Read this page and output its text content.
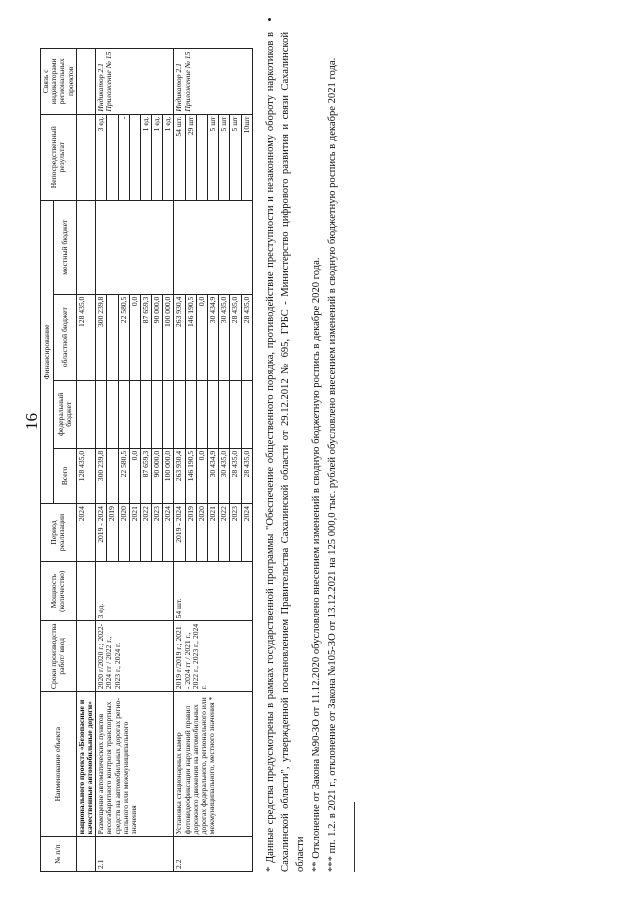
16
№ п/п	Наименование объекта	Сроки производства работ/ ввод	Мощность (количество)	Период реализации	Финансирование				Непосредственный результат	Связь с индикаторами региональных проектов
					Всего	федеральный бюджет	областной бюджет	местный бюджет		
	национального проекта «Безопасные и качественные автомобильные дороги»			2024	128 435,0		128 435,0			
2.1	Размещение автоматических пунктов весогабаритного контроля транспортных средств на автомобильных дорогах регио-нального или межмуниципального значения	2020 г/2020 г.; 2022-2024 гг / 2022 г., 2023 г., 2024 г.	3 ед.	2019 - 2024	300 239,8		300 239,8		3 ед.	Индикатор 2.1 Приложение № 15
				2019						
				2020	22 580,5		22 580,5		-	
				2021	0,0		0,0			
				2022	87 659,3		87 659,3		1 ед.	
				2023	90 000,0		90 000,0		1 ед.	
				2024	100 000,0		100 000,0		1 ед.	
2.2	Установка стационарных камер фотовидеофиксации нарушений правил дорожного движения на автомобильных дорогах федерального, регионального или межмуниципального, местного значения *	2019 г/2019 г.; 2021 - 2024 гг / 2021 г., 2022 г., 2023 г., 2024 г.	54 шт.	2019 - 2024	263 930,4		263 930,4		54 шт.	Индикатор 2.1 Приложение № 15
				2019	146 190,5		146 190,5		29 шт	
				2020	0,0		0,0			
				2021	30 434,9		30 434,9		5 шт	
				2022	30 435,0		30 435,0		5 шт	
				2023	28 435,0		28 435,0		5 шт	
				2024	28 435,0		28 435,0		10шт	* Данные средства предусмотрены в рамках государственной программы "Обеспечение общественного порядка, противодействие преступности и незаконному обороту наркотиков в Сахалинской области", утвержденной постановлением Правительства Сахалинской области от 29.12.2012 № 695, ГРБС - Министерство цифрового развития и связи Сахалинской области ** Отклонение от Закона №90-ЗО от 11.12.2020 обусловлено внесением изменений в сводную бюджетную роспись в декабре 2020 года. *** пп. 1.2. в 2021 г., отклонение от Закона №105-ЗО от 13.12.2021 на 125 000,0 тыс. рублей обусловлено внесением изменений в сводную бюджетную роспись в декабре 2021 года.
